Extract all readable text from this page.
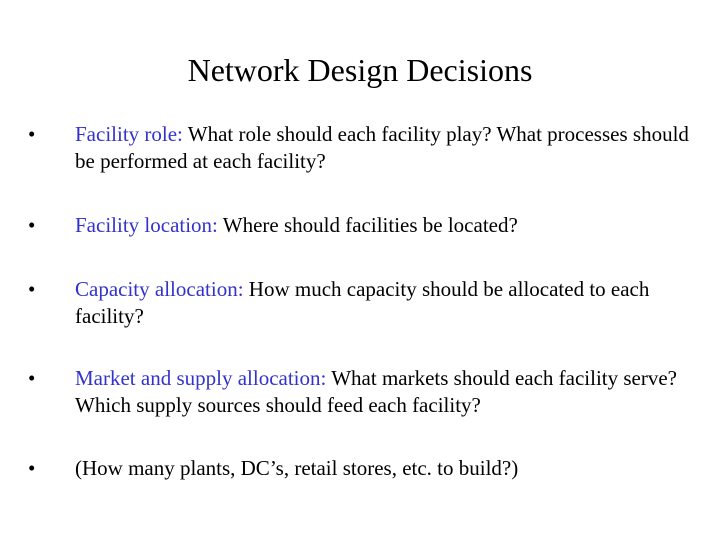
Network Design Decisions
•	Facility role: What role should each facility play? What processes should be performed at each facility?
•	Facility location: Where should facilities be located?
•	Capacity allocation: How much capacity should be allocated to each facility?
•	Market and supply allocation: What markets should each facility serve? Which supply sources should feed each facility?
•	(How many plants, DC’s, retail stores, etc. to build?)
